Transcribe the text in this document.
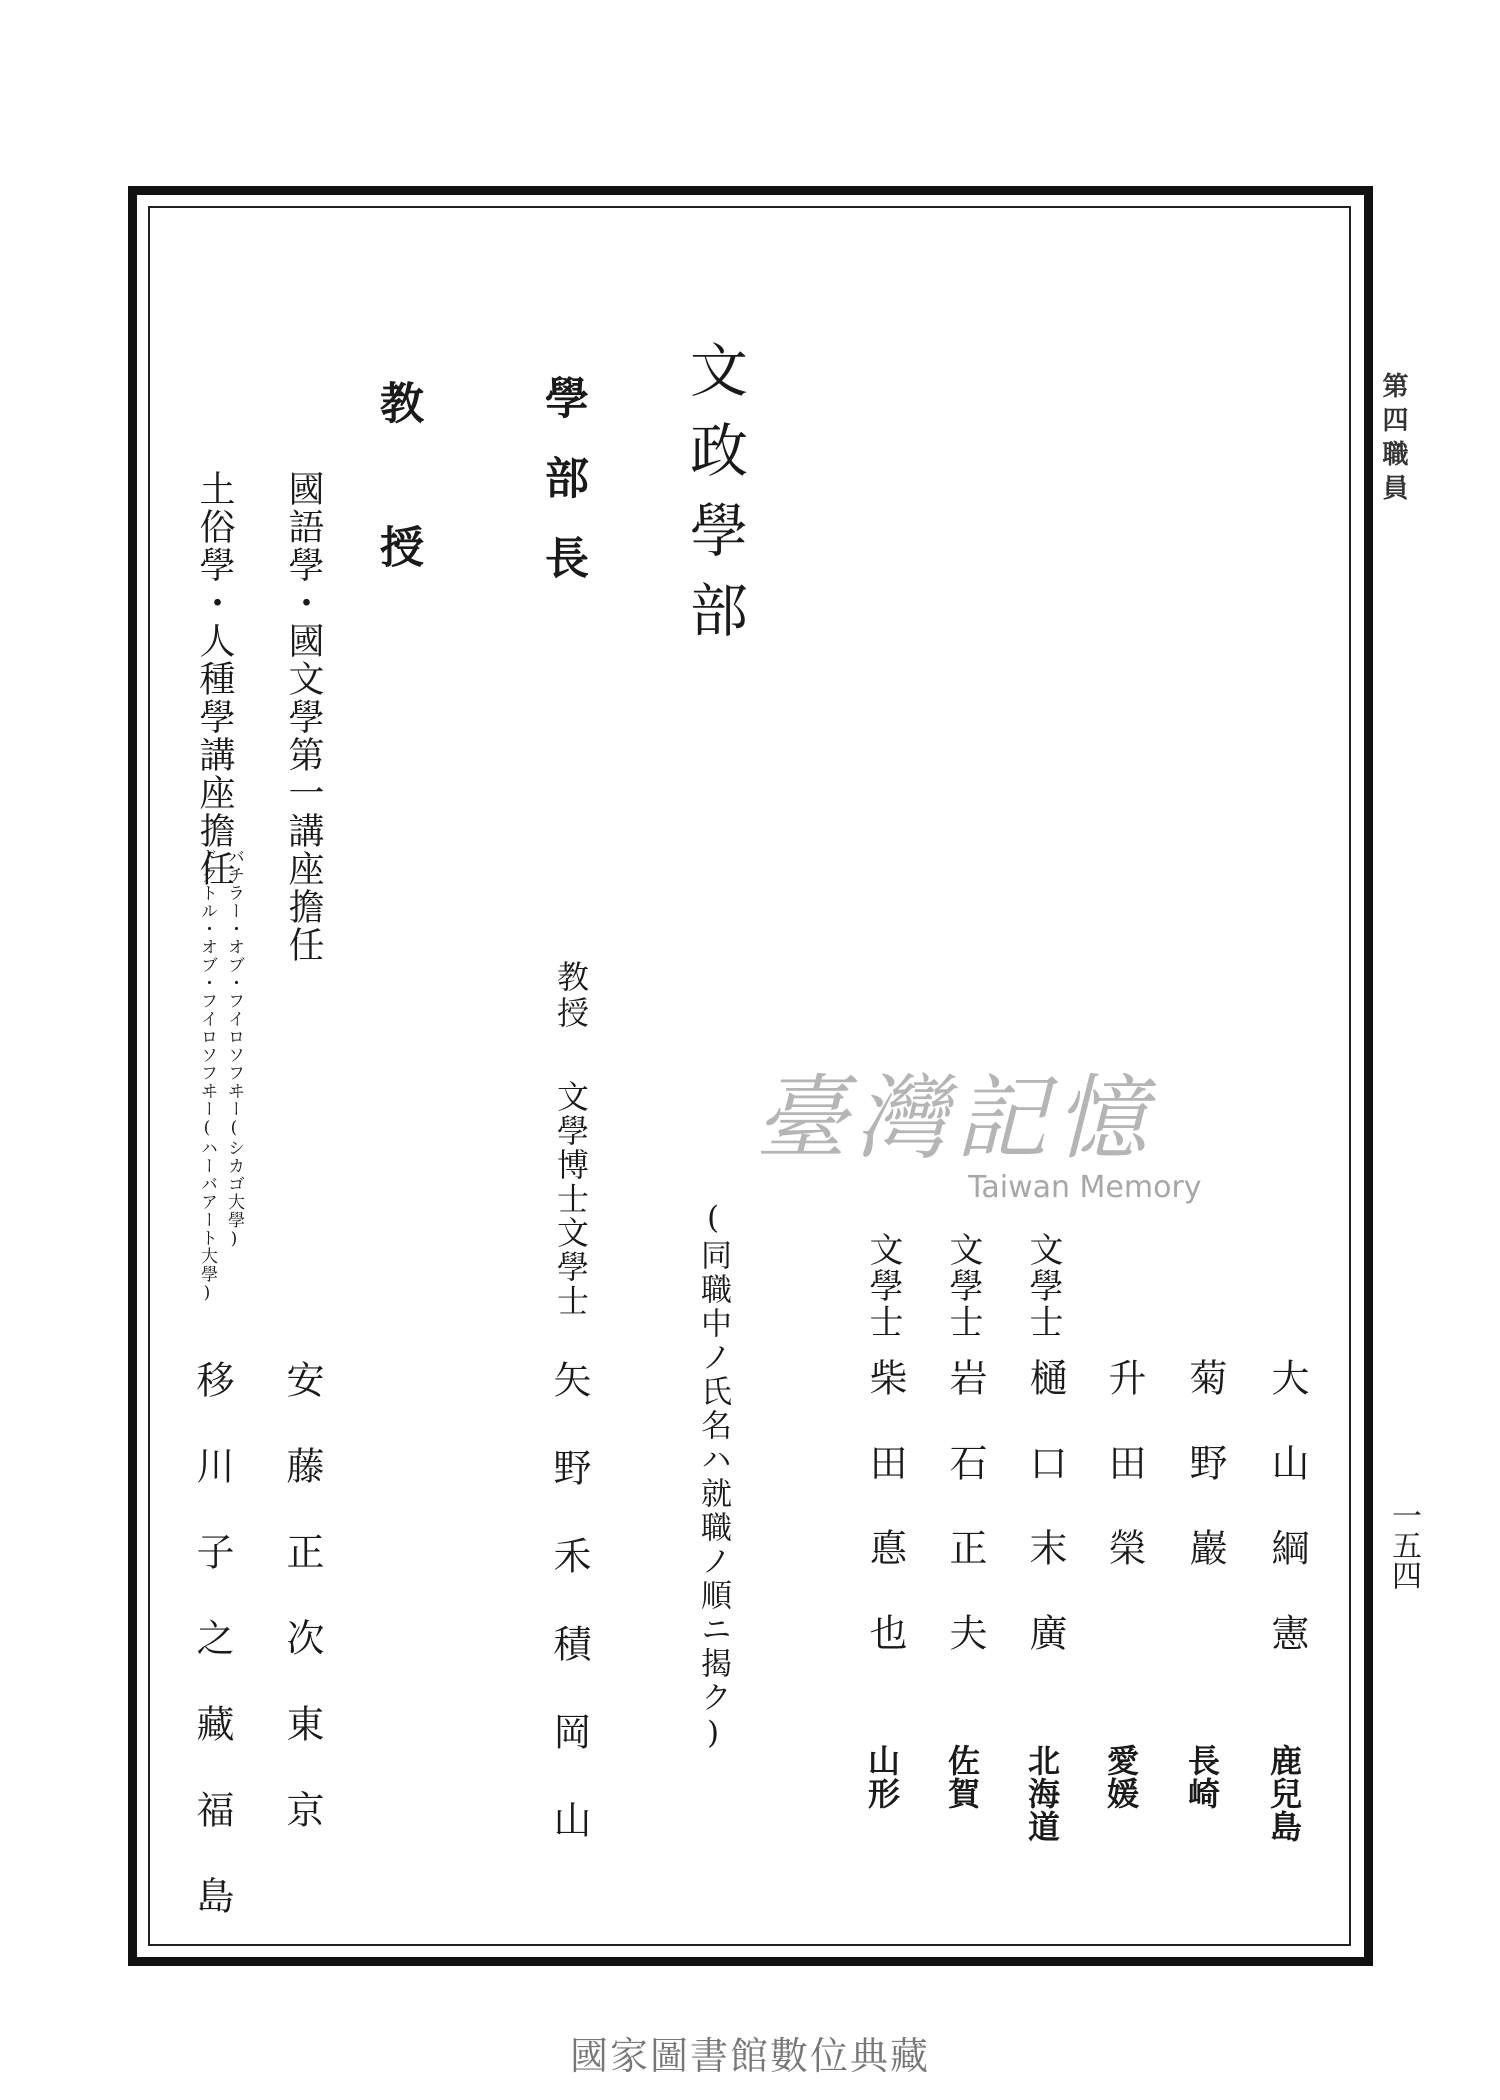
第四職員
一五四
文政學部
學部長
教授
教授
文學博士文學士
矢野禾積岡山	(同職中ノ氏名ハ就職ノ順ニ揭ク)	文學士
文學士
文學士
大山綱憲
菊野巖
升田榮
樋口末廣
岩石正夫
柴田悳也
鹿兒島
長崎
愛媛
北海道
佐賀
山形
國語學・國文學第一講座擔任
土俗學・人種學講座擔任
バチラー・オブ・フイロソフヰー(シカゴ大學)
ドクトル・オブ・フイロソフヰー(ハーバアート大學)
安藤正次東京
移川子之藏福島
臺灣記憶
Taiwan Memory
國家圖書館數位典藏
